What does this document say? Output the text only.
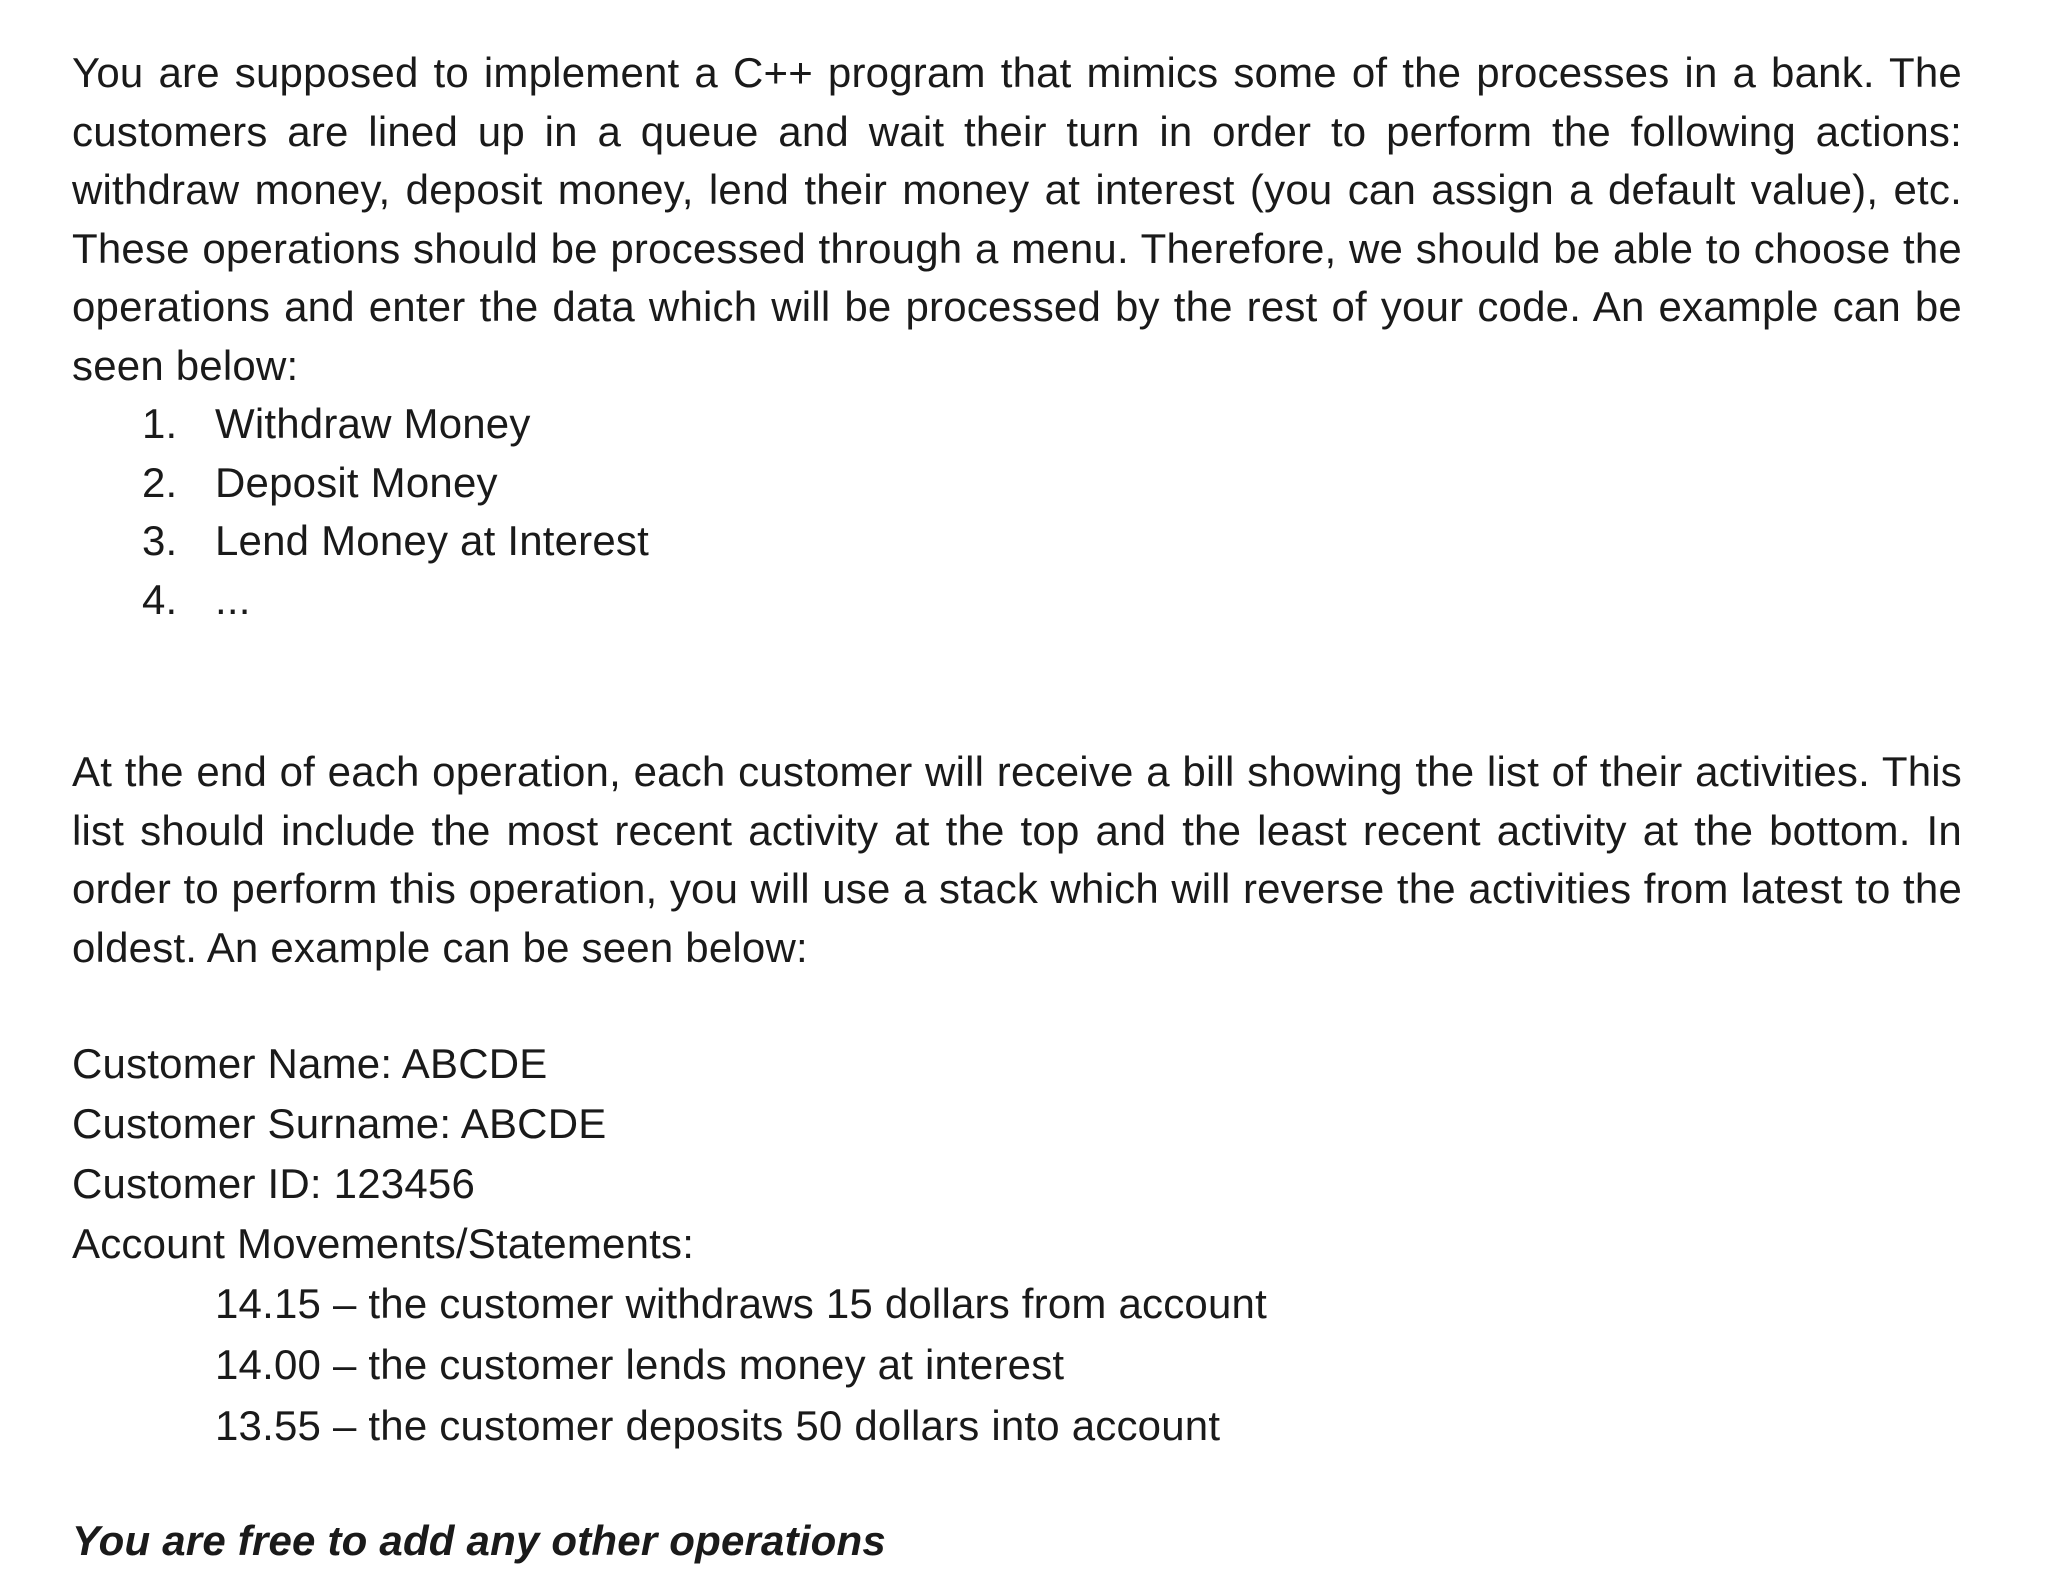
You are supposed to implement a C++ program that mimics some of the processes in a bank. The customers are lined up in a queue and wait their turn in order to perform the following actions: withdraw money, deposit money, lend their money at interest (you can assign a default value), etc. These operations should be processed through a menu. Therefore, we should be able to choose the operations and enter the data which will be processed by the rest of your code. An example can be seen below:

1. Withdraw Money
2. Deposit Money
3. Lend Money at Interest
4. ...

At the end of each operation, each customer will receive a bill showing the list of their activities. This list should include the most recent activity at the top and the least recent activity at the bottom. In order to perform this operation, you will use a stack which will reverse the activities from latest to the oldest. An example can be seen below:

Customer Name: ABCDE

Customer Surname: ABCDE

Customer ID: 123456

Account Movements/Statements:

14.15 – the customer withdraws 15 dollars from account
14.00 – the customer lends money at interest
13.55 – the customer deposits 50 dollars into account

You are free to add any other operations
